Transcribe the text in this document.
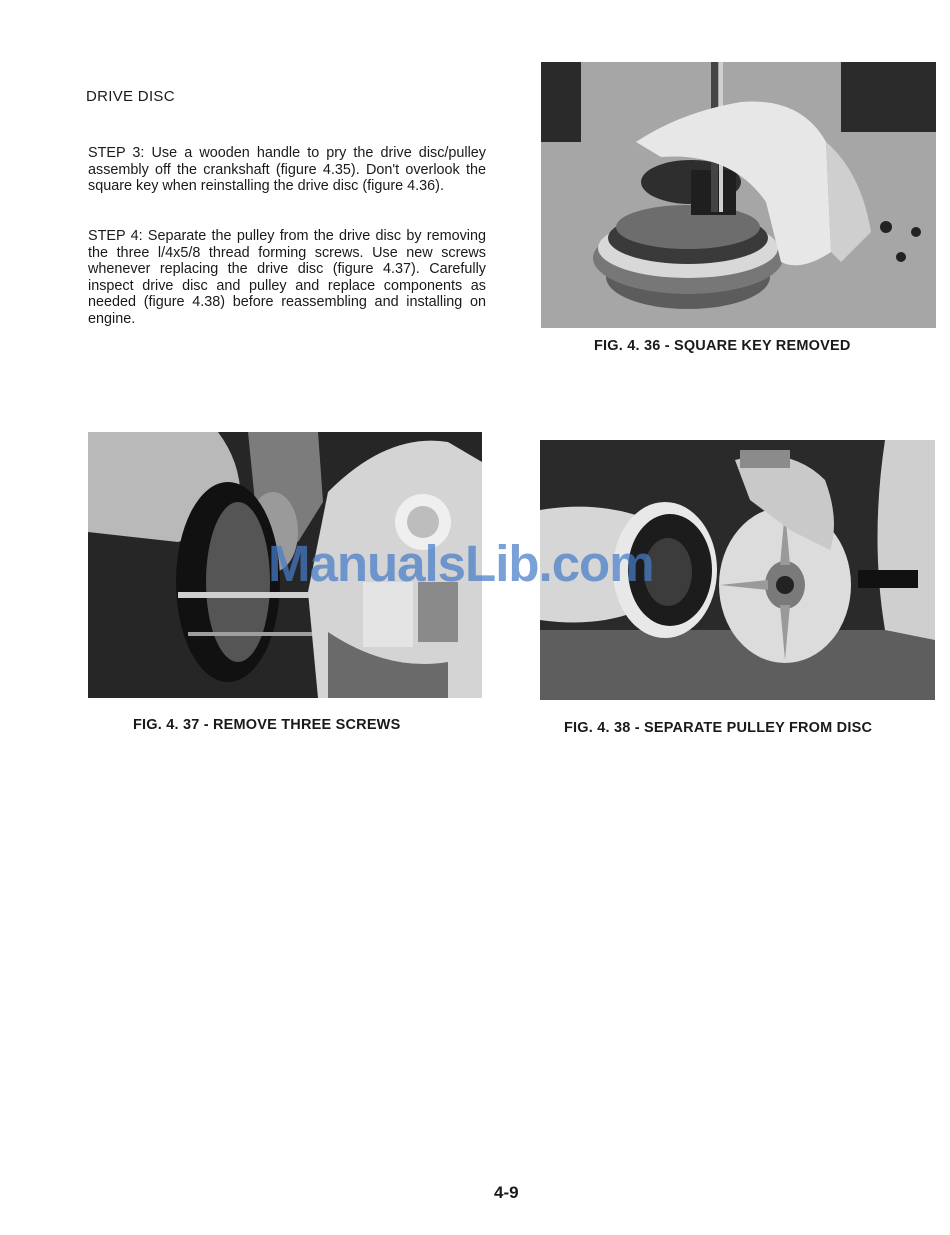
DRIVE DISC

STEP 3: Use a wooden handle to pry the drive disc/pulley assembly off the crankshaft (figure 4.35). Don't overlook the square key when reinstalling the drive disc (figure 4.36).

STEP 4: Separate the pulley from the drive disc by removing the three l/4x5/8 thread forming screws. Use new screws whenever replacing the drive disc (figure 4.37). Carefully inspect drive disc and pulley and replace components as needed (figure 4.38) before reassembling and installing on engine.

FIG. 4. 36 - SQUARE KEY REMOVED

FIG. 4. 37 - REMOVE THREE SCREWS	FIG. 4. 38 - SEPARATE PULLEY FROM DISC

ManualsLib.com

4-9
